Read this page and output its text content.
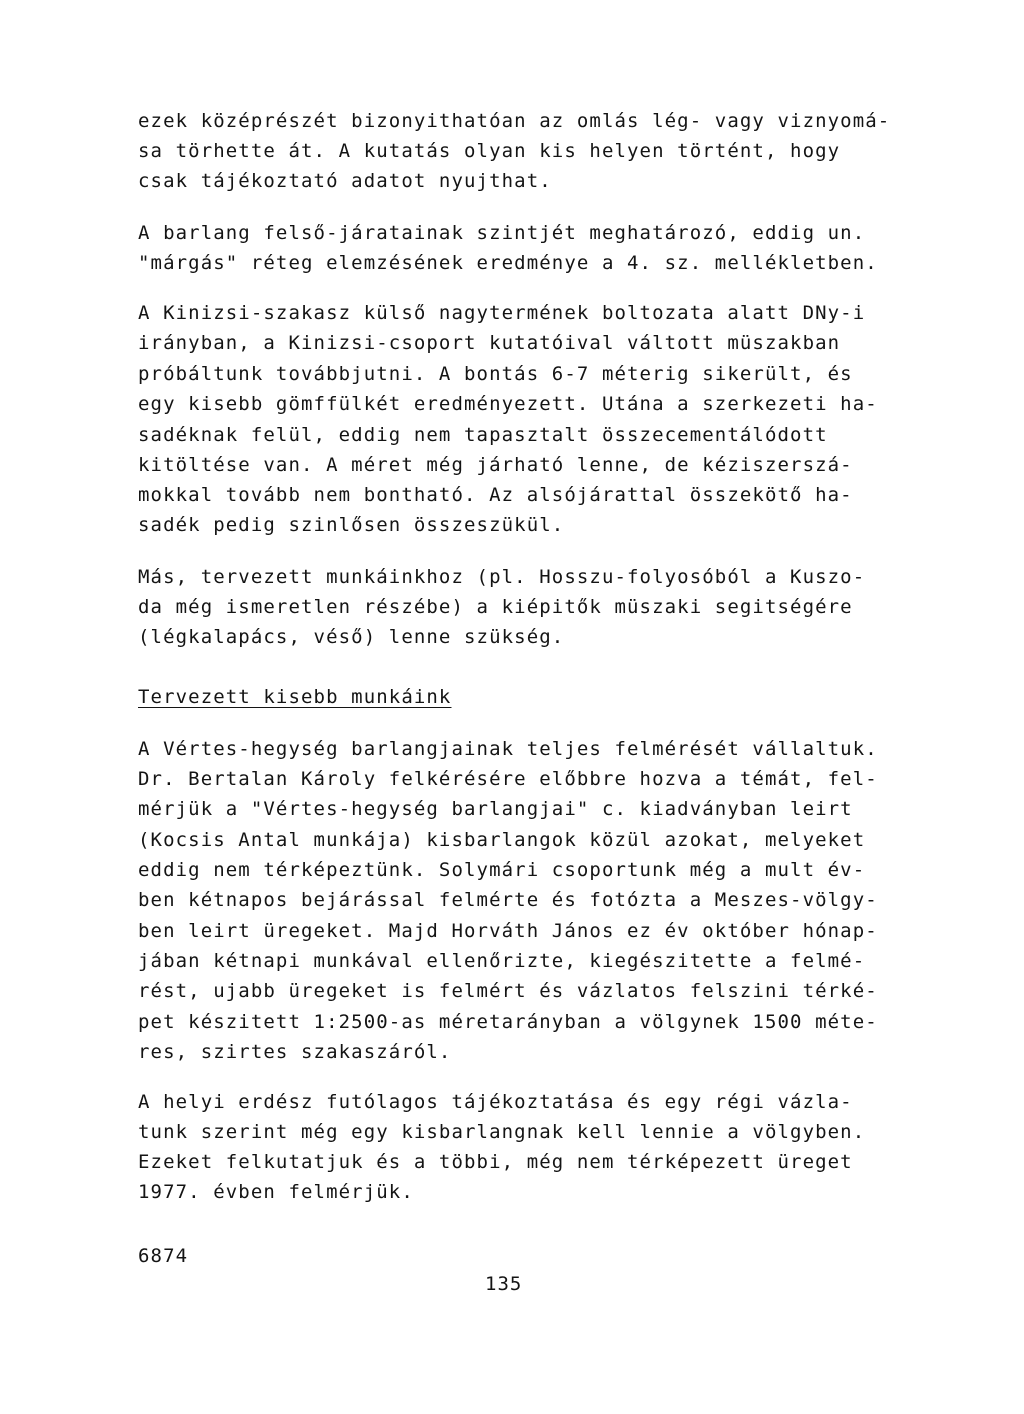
ezek középrészét bizonyithatóan az omlás lég- vagy viznyomá-
sa törhette át. A kutatás olyan kis helyen történt, hogy
csak tájékoztató adatot nyujthat.
A barlang felső-járatainak szintjét meghatározó, eddig un.
"márgás" réteg elemzésének eredménye a 4. sz. mellékletben.
A Kinizsi-szakasz külső nagytermének boltozata alatt DNy-i
irányban, a Kinizsi-csoport kutatóival váltott müszakban
próbáltunk továbbjutni. A bontás 6-7 méterig sikerült, és
egy kisebb gömffülkét eredményezett. Utána a szerkezeti ha-
sadéknak felül, eddig nem tapasztalt összecementálódott
kitöltése van. A méret még járható lenne, de kéziszerszá-
mokkal tovább nem bontható. Az alsójárattal összekötő ha-
sadék pedig szinlősen összeszükül.
Más, tervezett munkáinkhoz (pl. Hosszu-folyosóból a Kuszo-
da még ismeretlen részébe) a kiépitők müszaki segitségére
(légkalapács, véső) lenne szükség.
Tervezett kisebb munkáink
A Vértes-hegység barlangjainak teljes felmérését vállaltuk.
Dr. Bertalan Károly felkérésére előbbre hozva a témát, fel-
mérjük a "Vértes-hegység barlangjai" c. kiadványban leirt
(Kocsis Antal munkája) kisbarlangok közül azokat, melyeket
eddig nem térképeztünk. Solymári csoportunk még a mult év-
ben kétnapos bejárással felmérte és fotózta a Meszes-völgy-
ben leirt üregeket. Majd Horváth János ez év október hónap-
jában kétnapi munkával ellenőrizte, kiegészitette a felmé-
rést, ujabb üregeket is felmért és vázlatos felszini térké-
pet készitett 1:2500-as méretarányban a völgynek 1500 méte-
res, szirtes szakaszáról.
A helyi erdész futólagos tájékoztatása és egy régi vázla-
tunk szerint még egy kisbarlangnak kell lennie a völgyben.
Ezeket felkutatjuk és a többi, még nem térképezett üreget
1977. évben felmérjük.
6874
135
